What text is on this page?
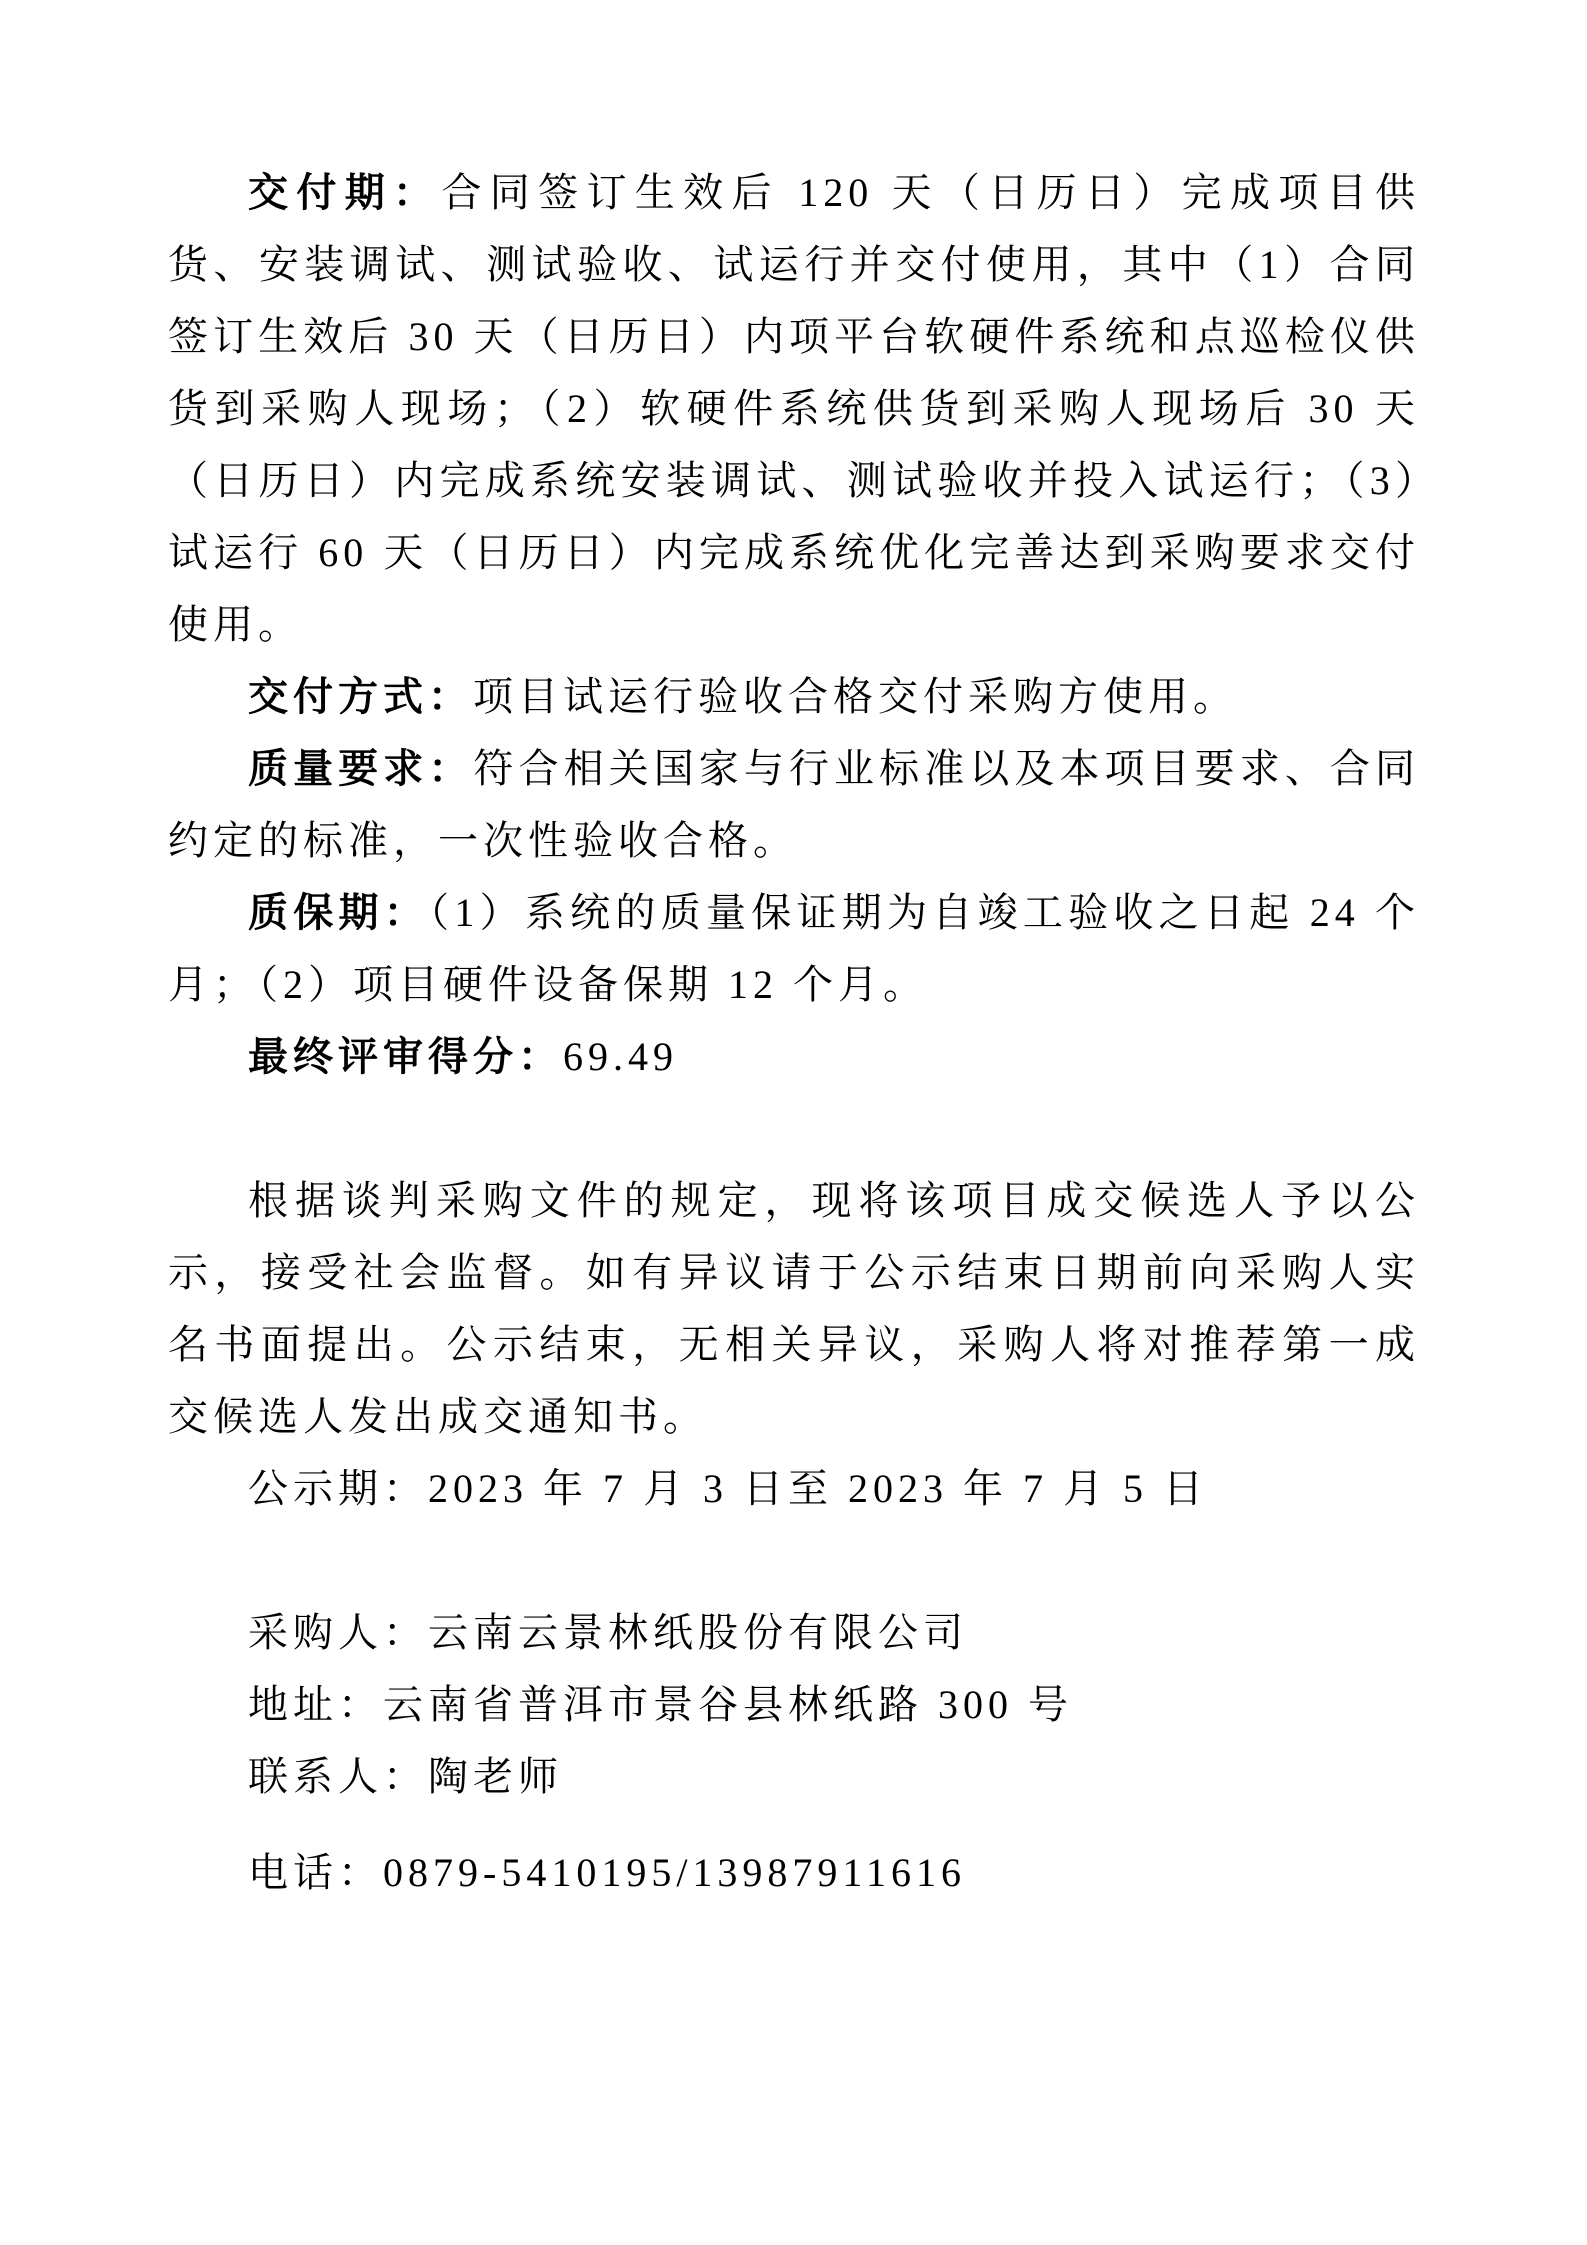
交付期：合同签订生效后 120 天（日历日）完成项目供货、安装调试、测试验收、试运行并交付使用，其中（1）合同签订生效后 30 天（日历日）内项平台软硬件系统和点巡检仪供货到采购人现场；（2）软硬件系统供货到采购人现场后 30 天（日历日）内完成系统安装调试、测试验收并投入试运行；（3）试运行 60 天（日历日）内完成系统优化完善达到采购要求交付使用。

交付方式：项目试运行验收合格交付采购方使用。

质量要求：符合相关国家与行业标准以及本项目要求、合同约定的标准，一次性验收合格。

质保期：（1）系统的质量保证期为自竣工验收之日起 24 个月；（2）项目硬件设备保期 12 个月。

最终评审得分：69.49

根据谈判采购文件的规定，现将该项目成交候选人予以公示，接受社会监督。如有异议请于公示结束日期前向采购人实名书面提出。公示结束，无相关异议，采购人将对推荐第一成交候选人发出成交通知书。

公示期：2023 年 7 月 3 日至 2023 年 7 月 5 日

采购人：云南云景林纸股份有限公司

地址：云南省普洱市景谷县林纸路 300 号

联系人：陶老师

电话：0879-5410195/13987911616
